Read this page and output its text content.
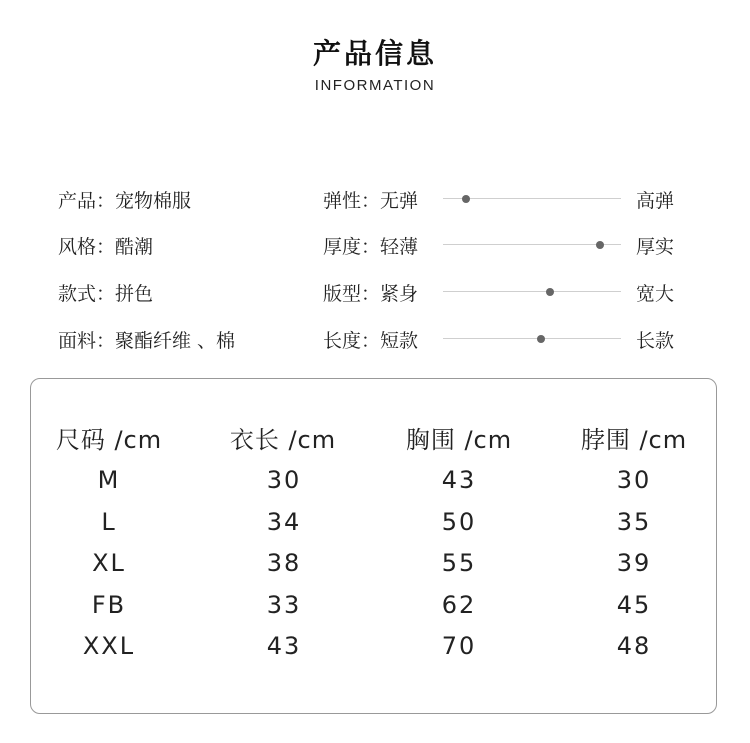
产品信息
INFORMATION
产品：宠物棉服	弹性：无弹	高弹
风格：酷潮	厚度：轻薄	厚实
款式：拼色	版型：紧身	宽大
面料：聚酯纤维 、棉	长度：短款	长款
尺码 /cm	衣长 /cm	胸围 /cm	脖围 /cm
M	30	43	30
L	34	50	35
XL	38	55	39
FB	33	62	45
XXL	43	70	48
